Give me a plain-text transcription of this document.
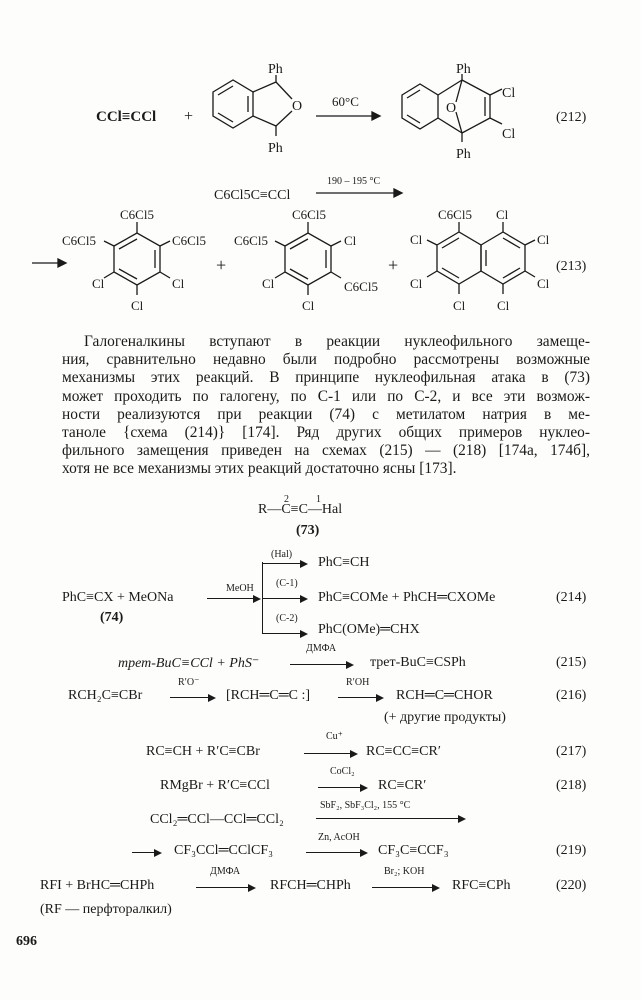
CCl≡CCl +
Ph
Ph
O 60°C
Ph
Ph
O
Cl
Cl
(212)
C6Cl5C≡CCl
190 – 195 °C
(213)
+	+
C6Cl5
C6Cl5	C6Cl5
Cl	Cl
Cl
C6Cl5
C6Cl5	Cl
Cl	C6Cl5
Cl
C6Cl5 Cl
Cl	Cl
Cl	Cl
Cl Cl
Галогеналкины вступают в реакции нуклеофильного замеще-
ния, сравнительно недавно были подробно рассмотрены возможные
механизмы этих реакций. В принципе нуклеофильная атака в (73)
может проходить по галогену, по С-1 или по С-2, и все эти возмож-
ности реализуются при реакции (74) с метилатом натрия в ме-
таноле {схема (214)} [174]. Ряд других общих примеров нуклео-
фильного замещения приведен на схемах (215) — (218) [174а, 174б],
хотя не все механизмы этих реакций достаточно ясны [173].
2	1
R—C≡C—Hal
(73)
PhC≡CX + MeONa
(74)
MeOH
(Hal)
PhC≡CH
(C-1)
PhC≡COMe + PhCH═CXOMe
(C-2)
PhC(OMe)═CHX
(214)
трет-BuC≡CCl + PhS⁻
ДМФА
трет-BuC≡CSPh	(215)
RCH₂C≡CBr
R′O⁻
[RCH═C═C :]
R′OH
RCH═C═CHOR
(+ другие продукты)
(216)
RC≡CH + R′C≡CBr
Cu⁺
RC≡CC≡CR′	(217)
RMgBr + R′C≡CCl
CoCl₂
RC≡CR′	(218)
CCl₂═CCl—CCl═CCl₂
SbF₂, SbF₃Cl₂, 155 °C
CF₃CCl═CClCF₃
Zn, AcOH
CF₃C≡CCF₃	(219)
RFI + BrHC═CHPh
ДМФА
RFCH═CHPh
Br₂; KOH
RFC≡CPh
(RF — перфторалкил)
(220)
696
